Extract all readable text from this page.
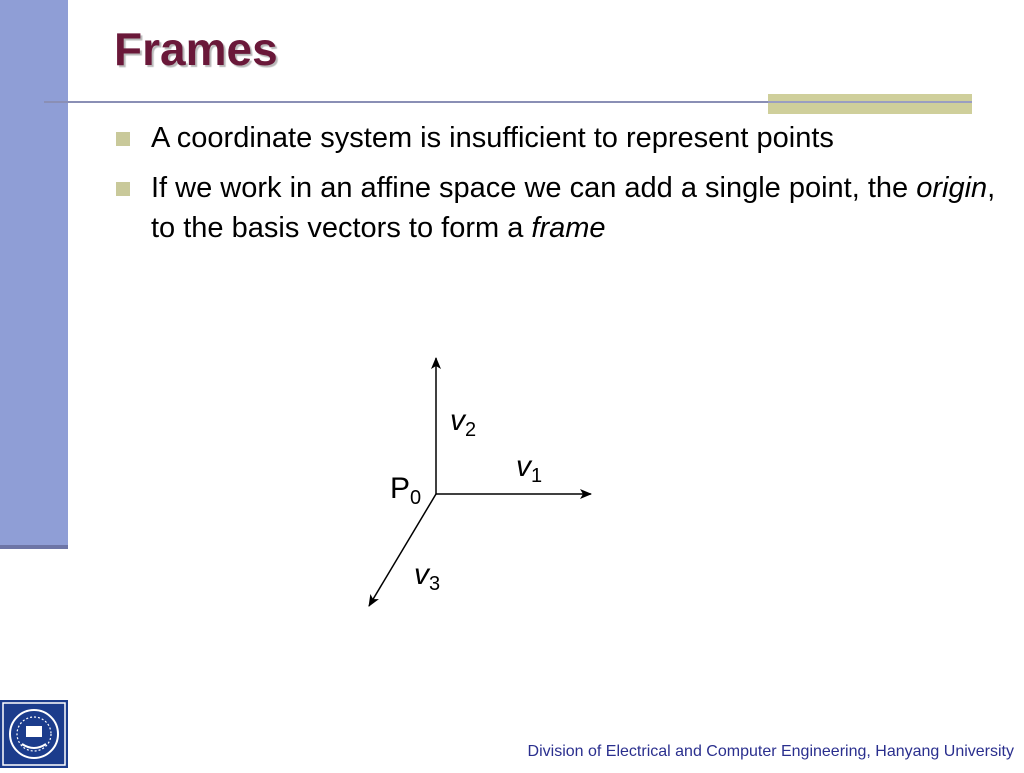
Frames
A coordinate system is insufficient to represent points
If we work in an affine space we can add a single point, the origin, to the basis vectors to form a frame
$P_0$
$v_1$
$v_2$
$v_3$
Division of Electrical and Computer Engineering, Hanyang University
